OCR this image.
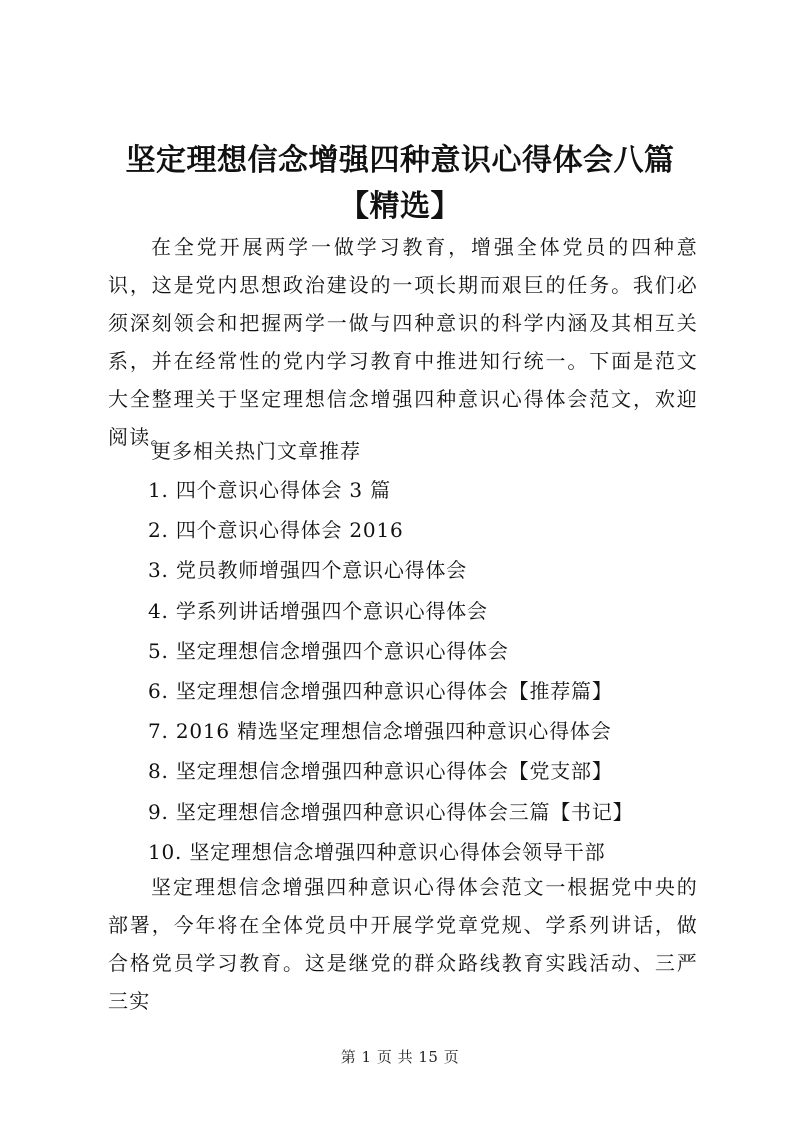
坚定理想信念增强四种意识心得体会八篇【精选】

在全党开展两学一做学习教育，增强全体党员的四种意识，这是党内思想政治建设的一项长期而艰巨的任务。我们必须深刻领会和把握两学一做与四种意识的科学内涵及其相互关系，并在经常性的党内学习教育中推进知行统一。下面是范文大全整理关于坚定理想信念增强四种意识心得体会范文，欢迎阅读。

更多相关热门文章推荐
1. 四个意识心得体会 3 篇
2. 四个意识心得体会 2016
3. 党员教师增强四个意识心得体会
4. 学系列讲话增强四个意识心得体会
5. 坚定理想信念增强四个意识心得体会
6. 坚定理想信念增强四种意识心得体会【推荐篇】
7. 2016 精选坚定理想信念增强四种意识心得体会
8. 坚定理想信念增强四种意识心得体会【党支部】
9. 坚定理想信念增强四种意识心得体会三篇【书记】
10. 坚定理想信念增强四种意识心得体会领导干部

坚定理想信念增强四种意识心得体会范文一根据党中央的部署，今年将在全体党员中开展学党章党规、学系列讲话，做合格党员学习教育。这是继党的群众路线教育实践活动、三严三实

第 1 页 共 15 页
